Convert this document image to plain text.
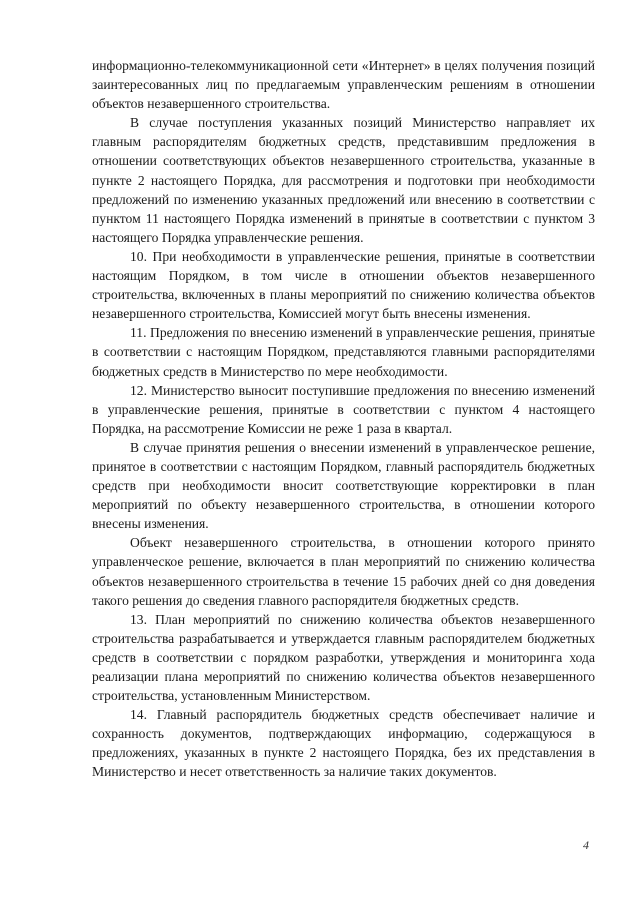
информационно-телекоммуникационной сети «Интернет» в целях получения позиций заинтересованных лиц по предлагаемым управленческим решениям в отношении объектов незавершенного строительства.

В случае поступления указанных позиций Министерство направляет их главным распорядителям бюджетных средств, представившим предложения в отношении соответствующих объектов незавершенного строительства, указанные в пункте 2 настоящего Порядка, для рассмотрения и подготовки при необходимости предложений по изменению указанных предложений или внесению в соответствии с пунктом 11 настоящего Порядка изменений в принятые в соответствии с пунктом 3 настоящего Порядка управленческие решения.

10. При необходимости в управленческие решения, принятые в соответствии настоящим Порядком, в том числе в отношении объектов незавершенного строительства, включенных в планы мероприятий по снижению количества объектов незавершенного строительства, Комиссией могут быть внесены изменения.

11. Предложения по внесению изменений в управленческие решения, принятые в соответствии с настоящим Порядком, представляются главными распорядителями бюджетных средств в Министерство по мере необходимости.

12. Министерство выносит поступившие предложения по внесению изменений в управленческие решения, принятые в соответствии с пунктом 4 настоящего Порядка, на рассмотрение Комиссии не реже 1 раза в квартал.

В случае принятия решения о внесении изменений в управленческое решение, принятое в соответствии с настоящим Порядком, главный распорядитель бюджетных средств при необходимости вносит соответствующие корректировки в план мероприятий по объекту незавершенного строительства, в отношении которого внесены изменения.

Объект незавершенного строительства, в отношении которого принято управленческое решение, включается в план мероприятий по снижению количества объектов незавершенного строительства в течение 15 рабочих дней со дня доведения такого решения до сведения главного распорядителя бюджетных средств.

13. План мероприятий по снижению количества объектов незавершенного строительства разрабатывается и утверждается главным распорядителем бюджетных средств в соответствии с порядком разработки, утверждения и мониторинга хода реализации плана мероприятий по снижению количества объектов незавершенного строительства, установленным Министерством.

14. Главный распорядитель бюджетных средств обеспечивает наличие и сохранность документов, подтверждающих информацию, содержащуюся в предложениях, указанных в пункте 2 настоящего Порядка, без их представления в Министерство и несет ответственность за наличие таких документов.

4
